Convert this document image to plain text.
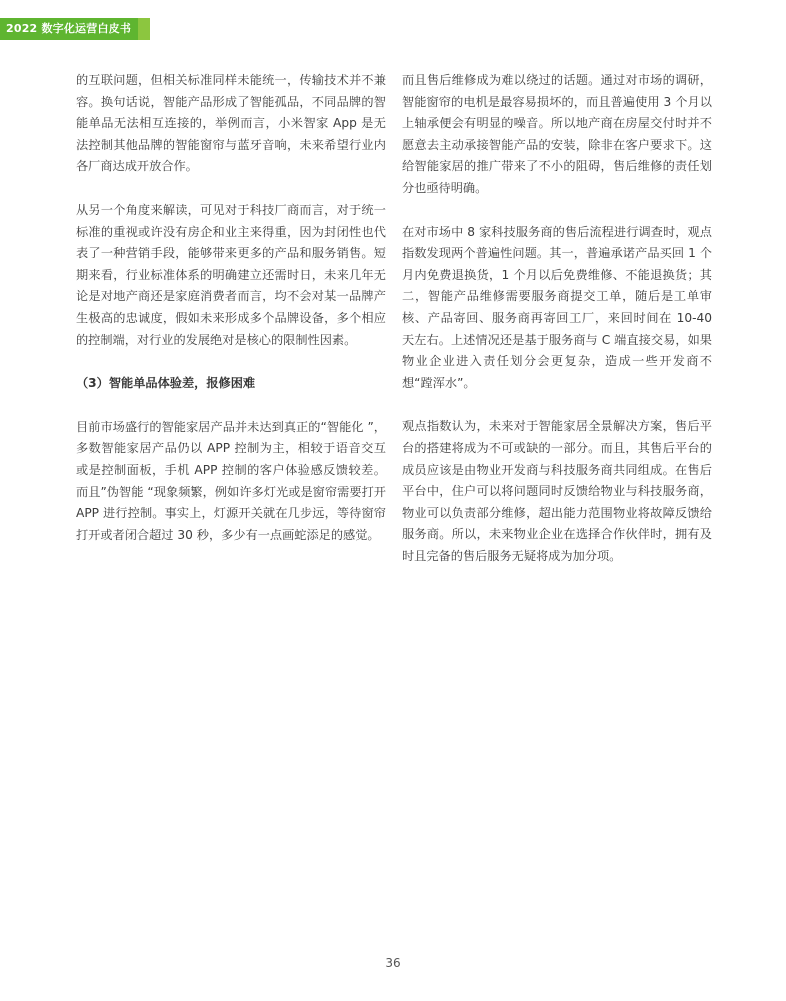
2022 数字化运营白皮书

的互联问题，但相关标准同样未能统一，传输技术并不兼容。换句话说，智能产品形成了智能孤品，不同品牌的智能单品无法相互连接的，举例而言，小米智家 App 是无法控制其他品牌的智能窗帘与蓝牙音响，未来希望行业内各厂商达成开放合作。

从另一个角度来解读，可见对于科技厂商而言，对于统一标准的重视或许没有房企和业主来得重，因为封闭性也代表了一种营销手段，能够带来更多的产品和服务销售。短期来看，行业标准体系的明确建立还需时日，未来几年无论是对地产商还是家庭消费者而言，均不会对某一品牌产生极高的忠诚度，假如未来形成多个品牌设备，多个相应的控制端，对行业的发展绝对是核心的限制性因素。

（3）智能单品体验差，报修困难

目前市场盛行的智能家居产品并未达到真正的“智能化 ”，多数智能家居产品仍以 APP 控制为主，相较于语音交互或是控制面板，手机 APP 控制的客户体验感反馈较差。而且”伪智能 “现象频繁，例如许多灯光或是窗帘需要打开 APP 进行控制。事实上，灯源开关就在几步远，等待窗帘打开或者闭合超过 30 秒，多少有一点画蛇添足的感觉。

而且售后维修成为难以绕过的话题。通过对市场的调研，智能窗帘的电机是最容易损坏的，而且普遍使用 3 个月以上轴承便会有明显的噪音。所以地产商在房屋交付时并不愿意去主动承接智能产品的安装，除非在客户要求下。这给智能家居的推广带来了不小的阻碍，售后维修的责任划分也亟待明确。

在对市场中 8 家科技服务商的售后流程进行调查时，观点指数发现两个普遍性问题。其一，普遍承诺产品买回 1 个月内免费退换货，1 个月以后免费维修、不能退换货；其二，智能产品维修需要服务商提交工单，随后是工单审核、产品寄回、服务商再寄回工厂，来回时间在 10-40 天左右。上述情况还是基于服务商与 C 端直接交易，如果物业企业进入责任划分会更复杂，造成一些开发商不想“蹚浑水”。

观点指数认为，未来对于智能家居全景解决方案，售后平台的搭建将成为不可或缺的一部分。而且，其售后平台的成员应该是由物业开发商与科技服务商共同组成。在售后平台中，住户可以将问题同时反馈给物业与科技服务商，物业可以负责部分维修，超出能力范围物业将故障反馈给服务商。所以，未来物业企业在选择合作伙伴时，拥有及时且完备的售后服务无疑将成为加分项。

36
